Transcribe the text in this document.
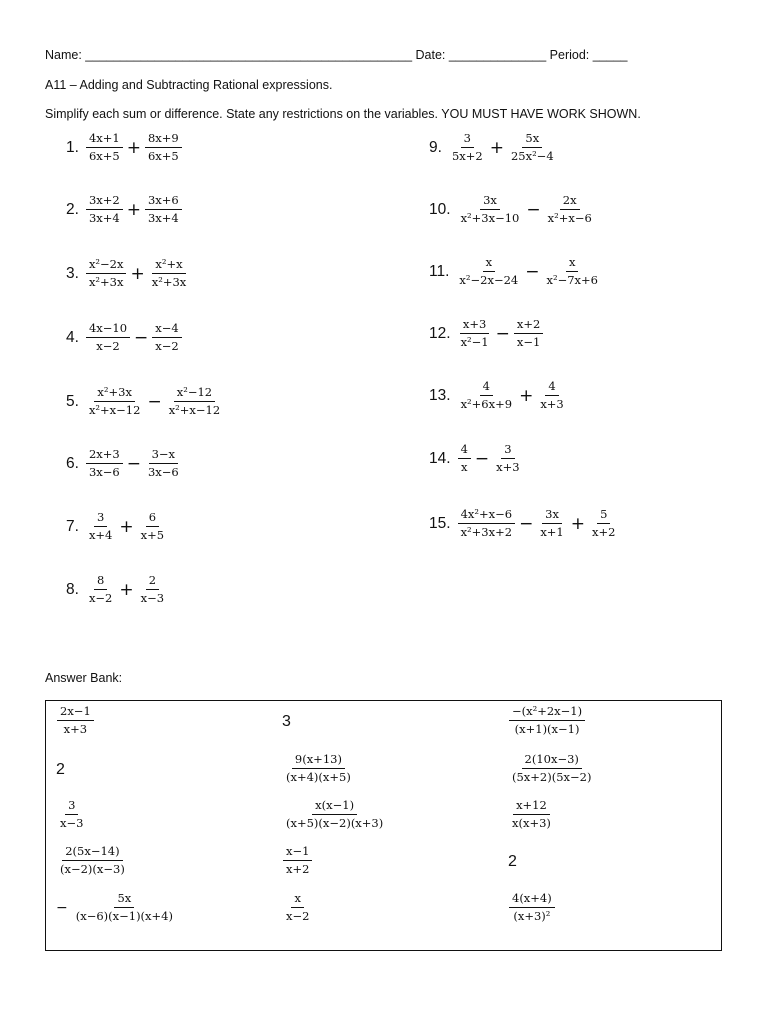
Name: _______________________________________________ Date: ______________ Period: _____
A11 – Adding and Subtracting Rational expressions.
Simplify each sum or difference. State any restrictions on the variables. YOU MUST HAVE WORK SHOWN.
1. $\frac{4x+1}{6x+5} + \frac{8x+9}{6x+5}$
2. $\frac{3x+2}{3x+4} + \frac{3x+6}{3x+4}$
3. $\frac{\text{x²−2x}}{\text{x²+3x}} + \frac{\text{x²+x}}{\text{x²+3x}}$
4. $\frac{4x-10}{x-2} - \frac{x-4}{x-2}$
5. $\frac{\text{x²+3x}}{\text{x²+x−12}} - \frac{\text{x²−12}}{\text{x²+x−12}}$
6. $\frac{2x+3}{3x-6} - \frac{3-x}{3x-6}$
7. $\frac{3}{x+4} + \frac{6}{x+5}$
8. $\frac{8}{x-2} + \frac{2}{x-3}$
9. $\frac{3}{5x+2} + \frac{5x}{\text{25x²−4}}$
10. $\frac{3x}{\text{x²+3x−10}} - \frac{2x}{\text{x²+x−6}}$
11. $\frac{x}{\text{x²−2x−24}} - \frac{x}{\text{x²−7x+6}}$
12. $\frac{x+3}{\text{x²−1}} - \frac{x+2}{x-1}$
13. $\frac{4}{\text{x²+6x+9}} + \frac{4}{x+3}$
14. $\frac{4}{x} - \frac{3}{x+3}$
15. $\frac{\text{4x²+x−6}}{\text{x²+3x+2}} - \frac{3x}{x+1} + \frac{5}{x+2}$
Answer Bank:
$\frac{2x-1}{x+3}$	3	$\frac{\text{−(x²+2x−1)}}{(x+1)(x-1)}$
2	$\frac{9(x+13)}{(x+4)(x+5)}$	$\frac{2(10x-3)}{(5x+2)(5x-2)}$
$\frac{3}{x-3}$	$\frac{x(x-1)}{(x+5)(x-2)(x+3)}$	$\frac{x+12}{x(x+3)}$
$\frac{2(5x-14)}{(x-2)(x-3)}$	$\frac{x-1}{x+2}$	2
− $\frac{5x}{(x-6)(x-1)(x+4)}$	$\frac{x}{x-2}$	$\frac{4(x+4)}{\text{(x+3)²}}$
